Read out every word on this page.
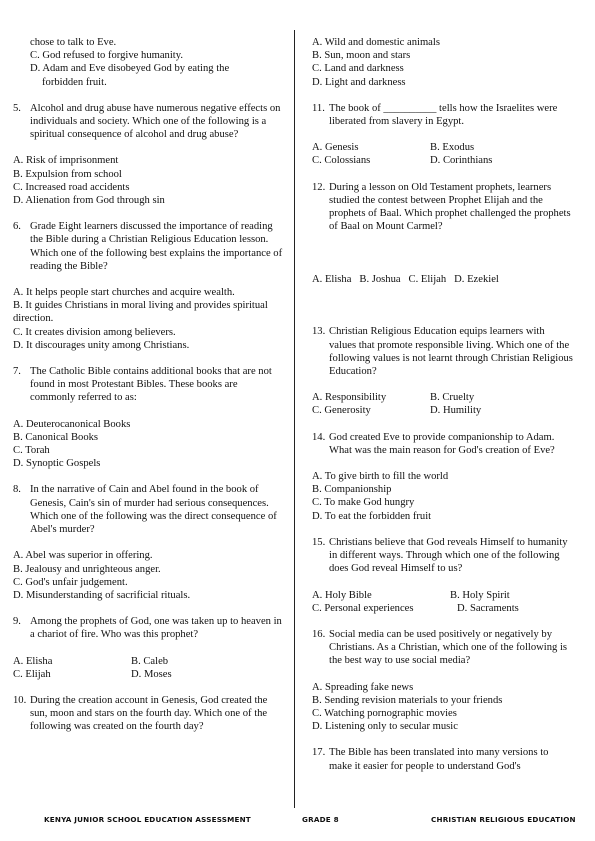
chose to talk to Eve.
C. God refused to forgive humanity.
D. Adam and Eve disobeyed God by eating the
forbidden fruit.
5. Alcohol and drug abuse have numerous negative effects on individuals and society. Which one of the following is a spiritual consequence of alcohol and drug abuse?
A. Risk of imprisonment
B. Expulsion from school
C. Increased road accidents
D. Alienation from God through sin
6. Grade Eight learners discussed the importance of reading the Bible during a Christian Religious Education lesson. Which one of the following best explains the importance of reading the Bible?
A. It helps people start churches and acquire wealth.
B. It guides Christians in moral living and provides spiritual direction.
C. It creates division among believers.
D. It discourages unity among Christians.
7. The Catholic Bible contains additional books that are not found in most Protestant Bibles. These books are commonly referred to as:
A. Deuterocanonical Books
B. Canonical Books
C. Torah
D. Synoptic Gospels
8. In the narrative of Cain and Abel found in the book of Genesis, Cain's sin of murder had serious consequences. Which one of the following was the direct consequence of Abel's murder?
A. Abel was superior in offering.
B. Jealousy and unrighteous anger.
C. God's unfair judgement.
D. Misunderstanding of sacrificial rituals.
9. Among the prophets of God, one was taken up to heaven in a chariot of fire. Who was this prophet?
A. Elisha	B. Caleb
C. Elijah	D. Moses
10. During the creation account in Genesis, God created the sun, moon and stars on the fourth day. Which one of the following was created on the fourth day?
A. Wild and domestic animals
B. Sun, moon and stars
C. Land and darkness
D. Light and darkness
11. The book of __________ tells how the Israelites were liberated from slavery in Egypt.
A. Genesis	B. Exodus
C. Colossians	D. Corinthians
12. During a lesson on Old Testament prophets, learners studied the contest between Prophet Elijah and the prophets of Baal. Which prophet challenged the prophets of Baal on Mount Carmel?

A. Elisha   B. Joshua   C. Elijah   D. Ezekiel

13. Christian Religious Education equips learners with values that promote responsible living. Which one of the following values is not learnt through Christian Religious Education?
A. Responsibility	B. Cruelty
C. Generosity	D. Humility
14. God created Eve to provide companionship to Adam. What was the main reason for God's creation of Eve?
A. To give birth to fill the world
B. Companionship
C. To make God hungry
D. To eat the forbidden fruit
15. Christians believe that God reveals Himself to humanity in different ways. Through which one of the following does God reveal Himself to us?
A. Holy Bible	B. Holy Spirit
C. Personal experiences	D. Sacraments
16. Social media can be used positively or negatively by Christians. As a Christian, which one of the following is the best way to use social media?
A. Spreading fake news
B. Sending revision materials to your friends
C. Watching pornographic movies
D. Listening only to secular music
17. The Bible has been translated into many versions to make it easier for people to understand God's
KENYA JUNIOR SCHOOL EDUCATION ASSESSMENT	GRADE 8	CHRISTIAN RELIGIOUS EDUCATION
